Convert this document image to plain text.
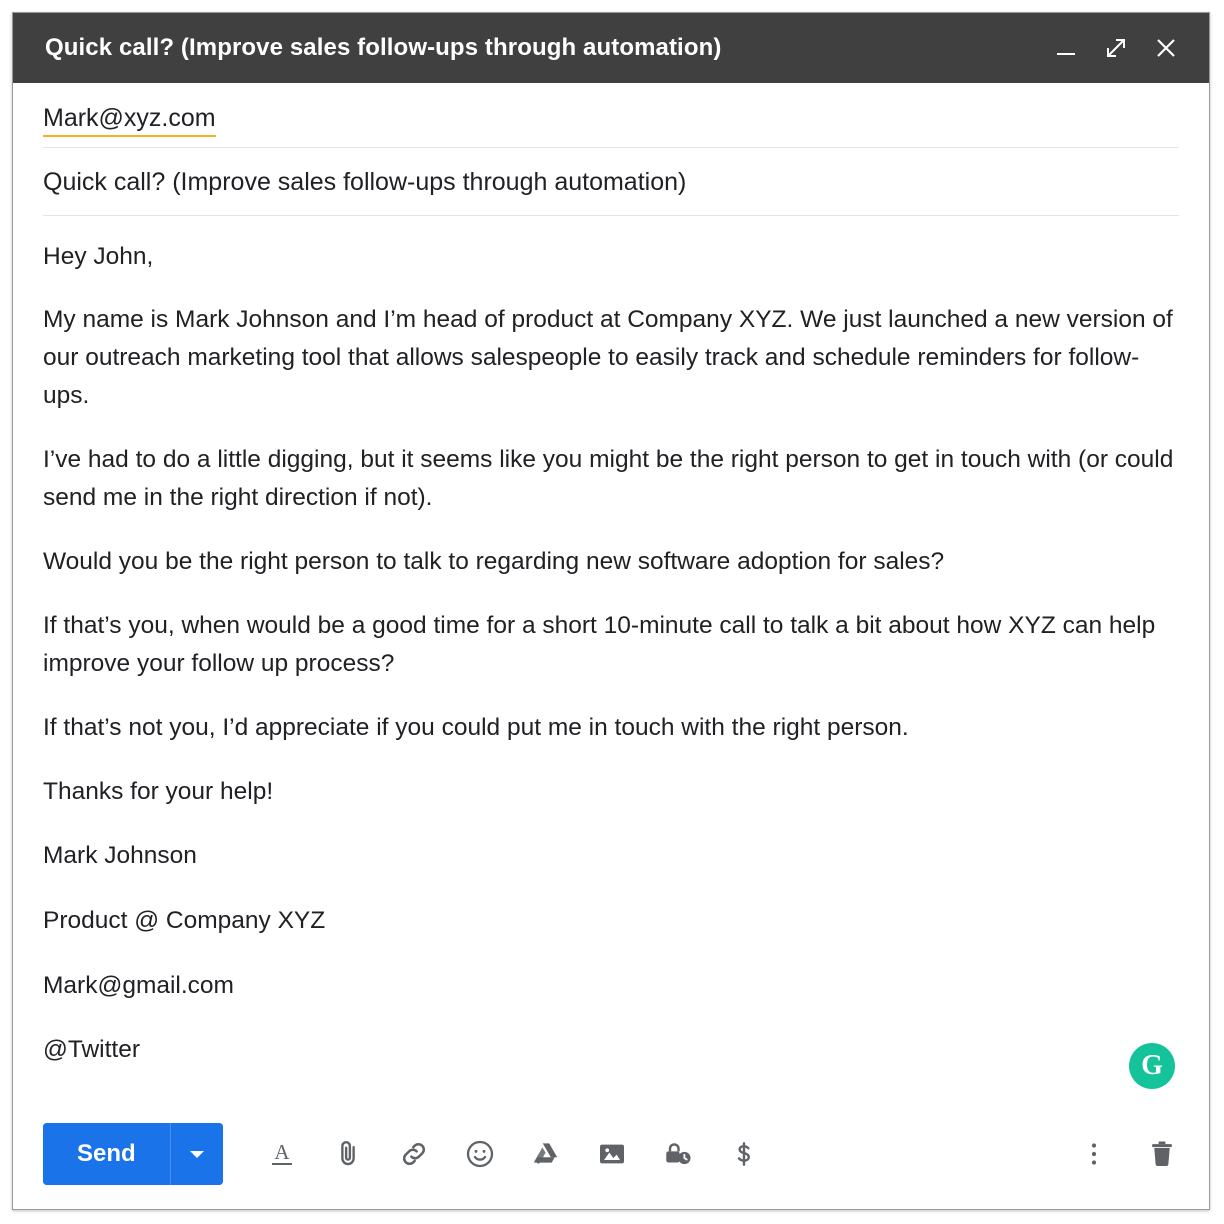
Quick call? (Improve sales follow-ups through automation)
Mark@xyz.com
Quick call? (Improve sales follow-ups through automation)

Hey John,

My name is Mark Johnson and I’m head of product at Company XYZ. We just launched a new version of our outreach marketing tool that allows salespeople to easily track and schedule reminders for follow-ups.

I’ve had to do a little digging, but it seems like you might be the right person to get in touch with (or could send me in the right direction if not).

Would you be the right person to talk to regarding new software adoption for sales?

If that’s you, when would be a good time for a short 10-minute call to talk a bit about how XYZ can help improve your follow up process?

If that’s not you, I’d appreciate if you could put me in touch with the right person.

Thanks for your help!

Mark Johnson

Product @ Company XYZ

Mark@gmail.com

@Twitter

G
Send	A
